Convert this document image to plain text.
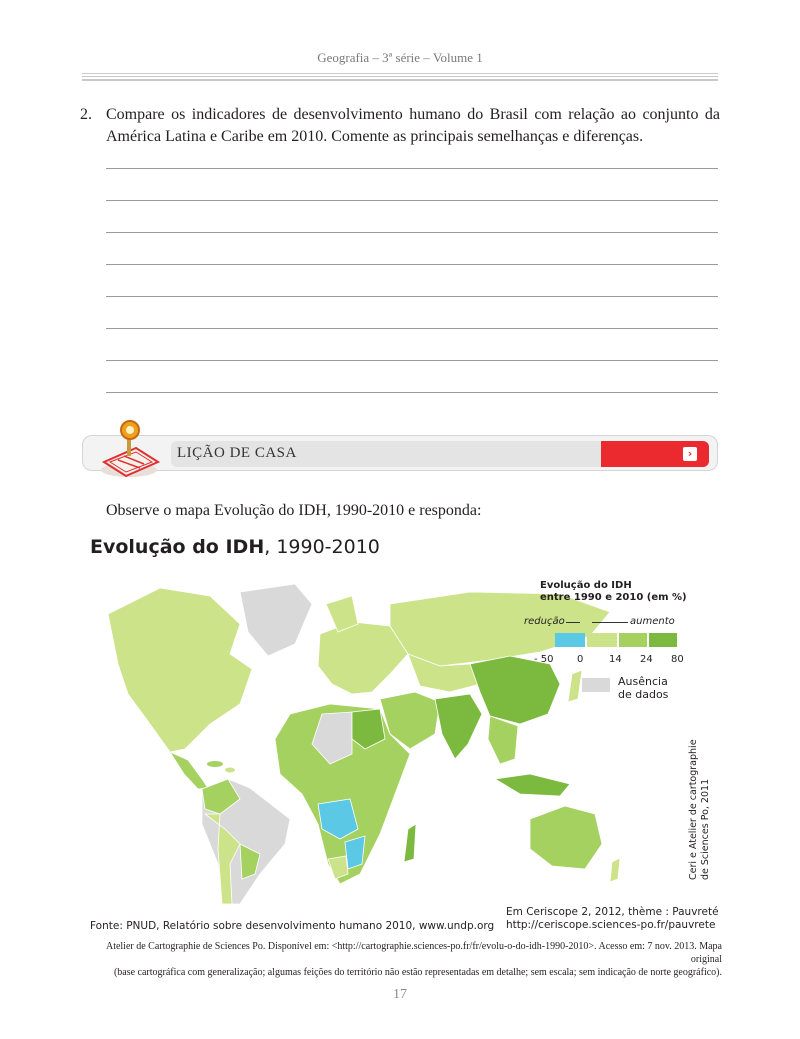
Geografia – 3ª série – Volume 1
2. Compare os indicadores de desenvolvimento humano do Brasil com relação ao conjunto da América Latina e Caribe em 2010. Comente as principais semelhanças e diferenças.
LIÇÃO DE CASA	›
Observe o mapa Evolução do IDH, 1990-2010 e responda:
Evolução do IDH, 1990-2010
Evolução do IDH
entre 1990 e 2010 (em %)
redução	aumento
- 50 0	14 24 80
Ausência
de dados
Ceri e Atelier de cartographie de Sciences Po, 2011
Em Ceriscope 2, 2012, thème : Pauvreté
http://ceriscope.sciences-po.fr/pauvrete
Fonte: PNUD, Relatório sobre desenvolvimento humano 2010, www.undp.org
Atelier de Cartographie de Sciences Po. Disponível em: <http://cartographie.sciences-po.fr/fr/evolu-o-do-idh-1990-2010>. Acesso em: 7 nov. 2013. Mapa original
(base cartográfica com generalização; algumas feições do território não estão representadas em detalhe; sem escala; sem indicação de norte geográfico).
17
